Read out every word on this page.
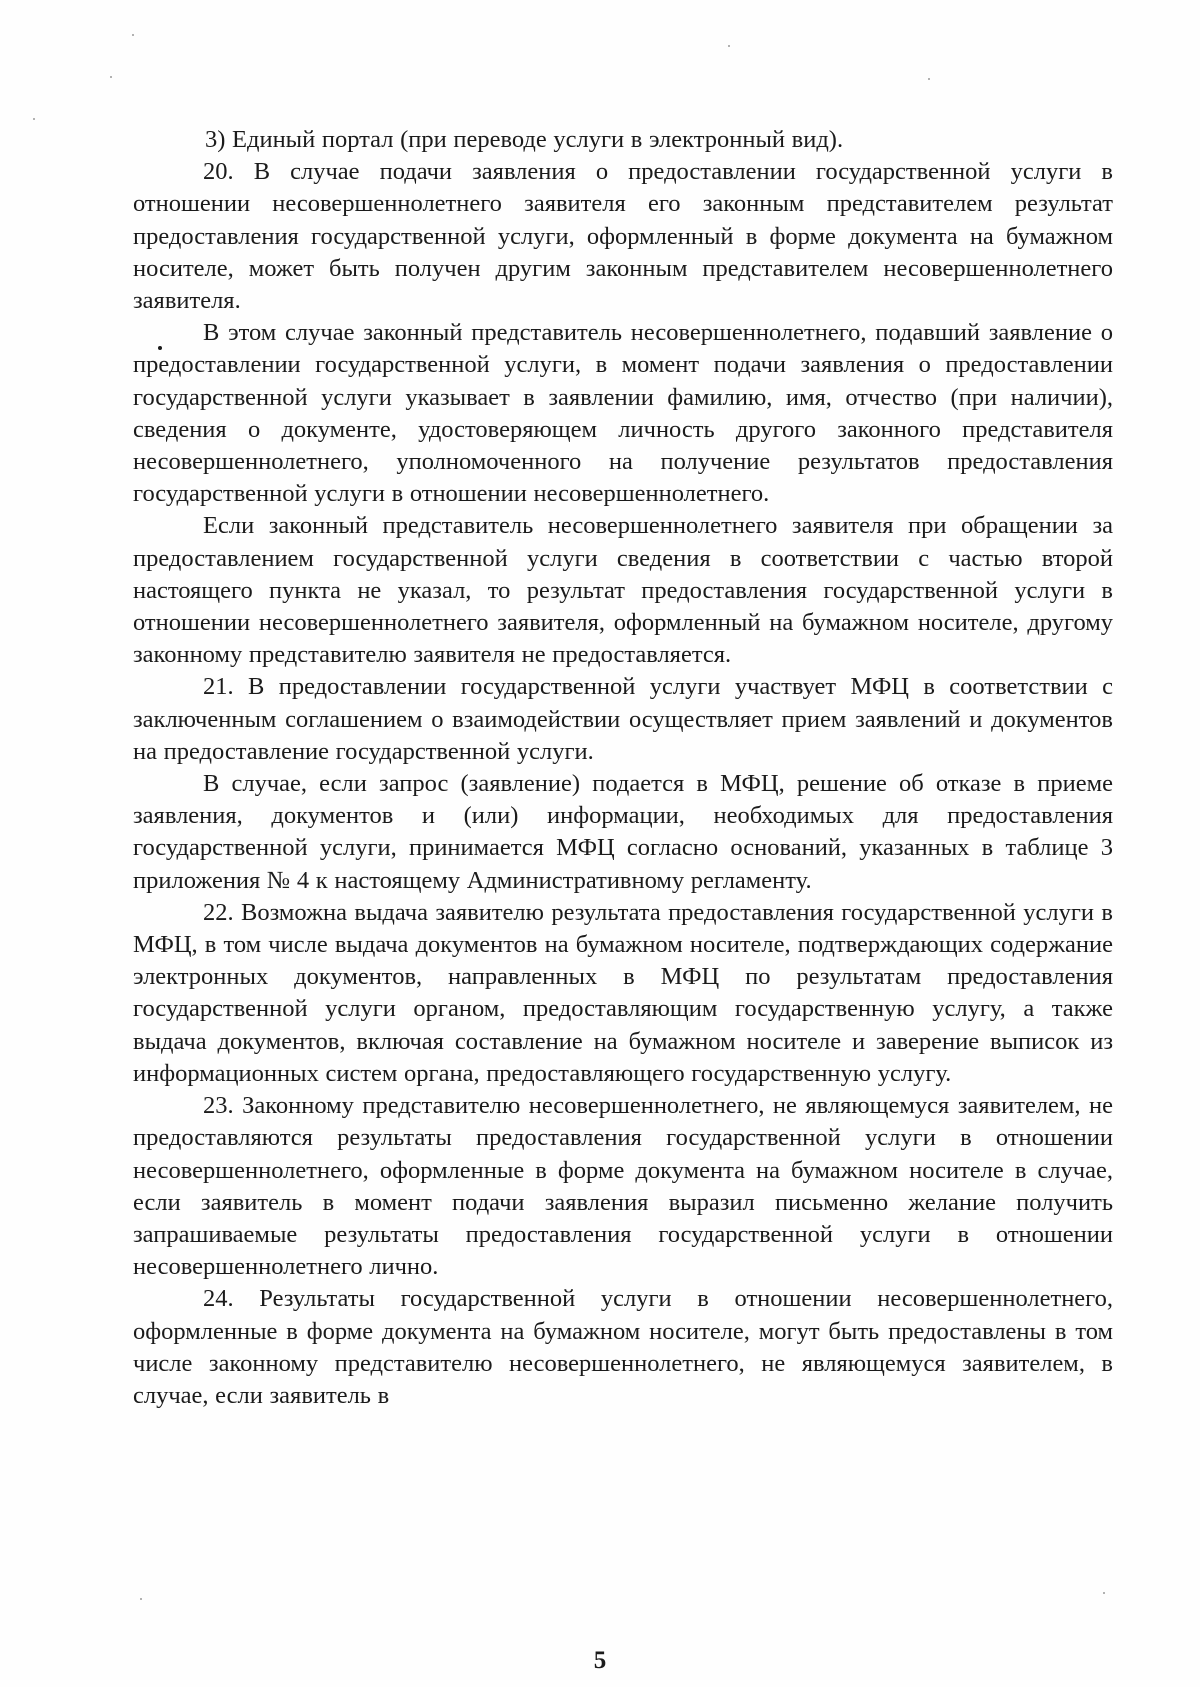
3) Единый портал (при переводе услуги в электронный вид).

20. В случае подачи заявления о предоставлении государственной услуги в отношении несовершеннолетнего заявителя его законным представителем результат предоставления государственной услуги, оформленный в форме документа на бумажном носителе, может быть получен другим законным представителем несовершеннолетнего заявителя.

В этом случае законный представитель несовершеннолетнего, подавший заявление о предоставлении государственной услуги, в момент подачи заявления о предоставлении государственной услуги указывает в заявлении фамилию, имя, отчество (при наличии), сведения о документе, удостоверяющем личность другого законного представителя несовершеннолетнего, уполномоченного на получение результатов предоставления государственной услуги в отношении несовершеннолетнего.

Если законный представитель несовершеннолетнего заявителя при обращении за предоставлением государственной услуги сведения в соответствии с частью второй настоящего пункта не указал, то результат предоставления государственной услуги в отношении несовершеннолетнего заявителя, оформленный на бумажном носителе, другому законному представителю заявителя не предоставляется.

21. В предоставлении государственной услуги участвует МФЦ в соответствии с заключенным соглашением о взаимодействии осуществляет прием заявлений и документов на предоставление государственной услуги.

В случае, если запрос (заявление) подается в МФЦ, решение об отказе в приеме заявления, документов и (или) информации, необходимых для предоставления государственной услуги, принимается МФЦ согласно оснований, указанных в таблице 3 приложения № 4 к настоящему Административному регламенту.

22. Возможна выдача заявителю результата предоставления государственной услуги в МФЦ, в том числе выдача документов на бумажном носителе, подтверждающих содержание электронных документов, направленных в МФЦ по результатам предоставления государственной услуги органом, предоставляющим государственную услугу, а также выдача документов, включая составление на бумажном носителе и заверение выписок из информационных систем органа, предоставляющего государственную услугу.

23. Законному представителю несовершеннолетнего, не являющемуся заявителем, не предоставляются результаты предоставления государственной услуги в отношении несовершеннолетнего, оформленные в форме документа на бумажном носителе в случае, если заявитель в момент подачи заявления выразил письменно желание получить запрашиваемые результаты предоставления государственной услуги в отношении несовершеннолетнего лично.

24. Результаты государственной услуги в отношении несовершеннолетнего, оформленные в форме документа на бумажном носителе, могут быть предоставлены в том числе законному представителю несовершеннолетнего, не являющемуся заявителем, в случае, если заявитель в

5
